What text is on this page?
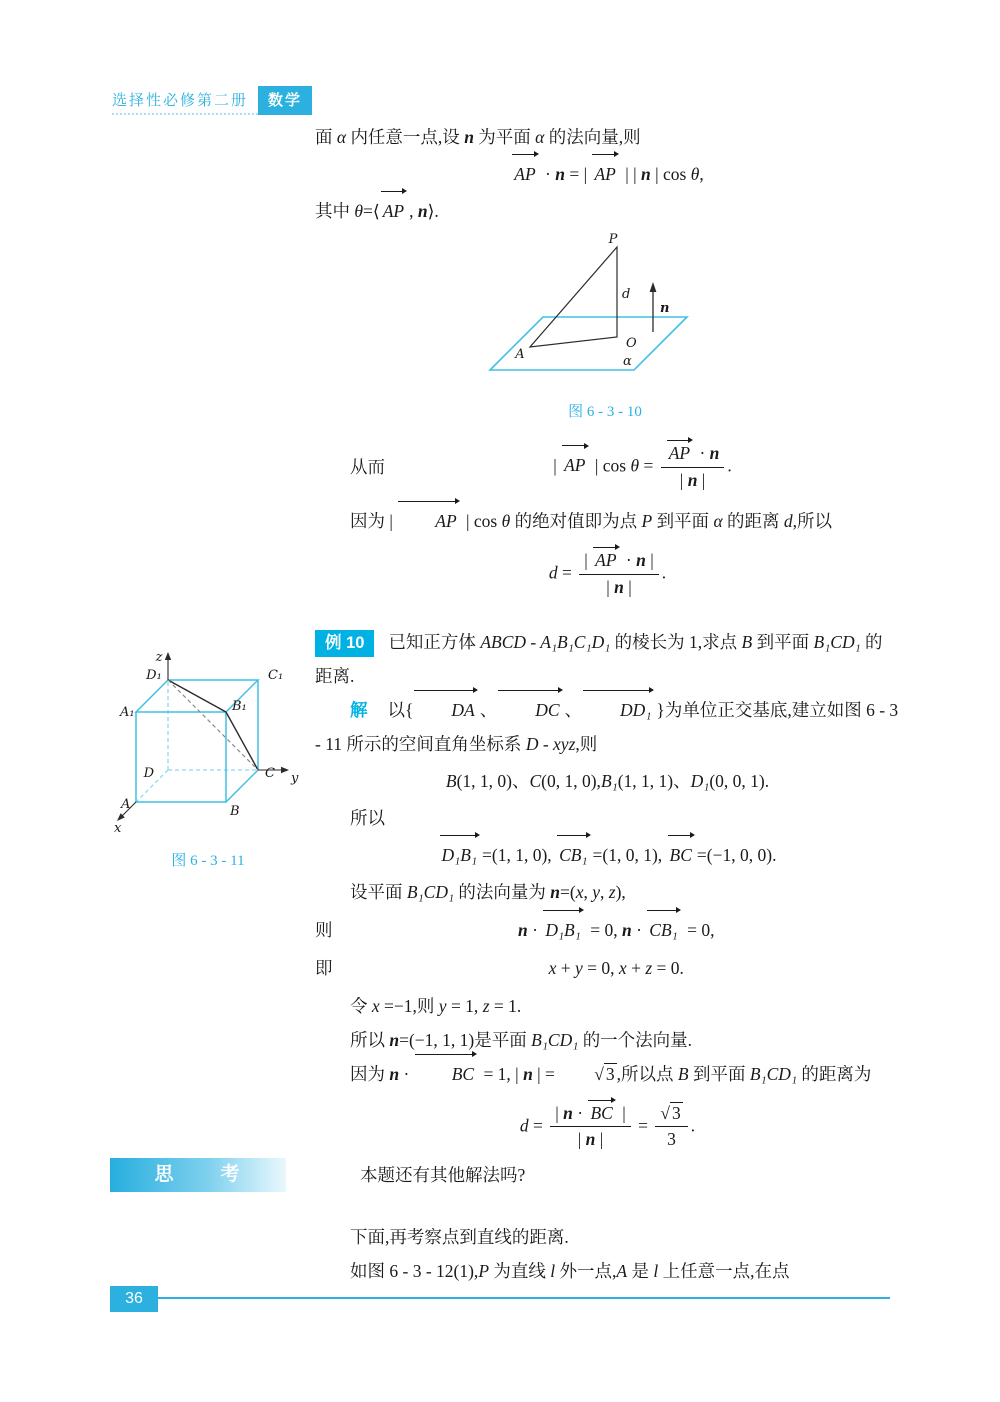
选择性必修第二册	数学

面 α 内任意一点,设 n 为平面 α 的法向量,则

AP · n = | AP | | n | cos θ,

其中 θ=⟨ AP , n⟩.

P
A
O
d
n
α
图 6 - 3 - 10
从而	| AP | $\cos \theta = \frac{AP \cdot n}{| n |}$ .

因为 | AP | cos θ 的绝对值即为点 P 到平面 α 的距离 d,所以

$d = \frac{| AP \cdot n |}{| n |}$ .

例 10 已知正方体 ABCD - A₁B₁C₁D₁ 的棱长为 1,求点 B 到平面 B₁CD₁ 的距离.

解 以{ DA 、 DC 、 DD₁ }为单位正交基底,建立如图 6 - 3 - 11 所示的空间直角坐标系 D - xyz,则

B(1, 1, 0)、C(0, 1, 0),B₁(1, 1, 1)、D₁(0, 0, 1).

所以

D₁B₁ =(1, 1, 0), CB₁ =(1, 0, 1), BC =(−1, 0, 0).

设平面 B₁CD₁ 的法向量为 n=(x, y, z),

则	n · D₁B₁ = 0, n · CB₁ = 0,
即	x + y = 0, x + z = 0.

令 x =−1,则 y = 1, z = 1.

所以 n=(−1, 1, 1)是平面 B₁CD₁ 的一个法向量.

因为 n · BC = 1, | n | = √ 3 ,所以点 B 到平面 B₁CD₁ 的距离为

$d = \frac{| n \cdot BC |}{| n |} = \frac{√ 3}{3}$ .
z
y
x
D₁	C₁
A₁	B₁
D	C
A	B
图 6 - 3 - 11
思　考	本题还有其他解法吗?

下面,再考察点到直线的距离.

如图 6 - 3 - 12(1),P 为直线 l 外一点,A 是 l 上任意一点,在点

36
